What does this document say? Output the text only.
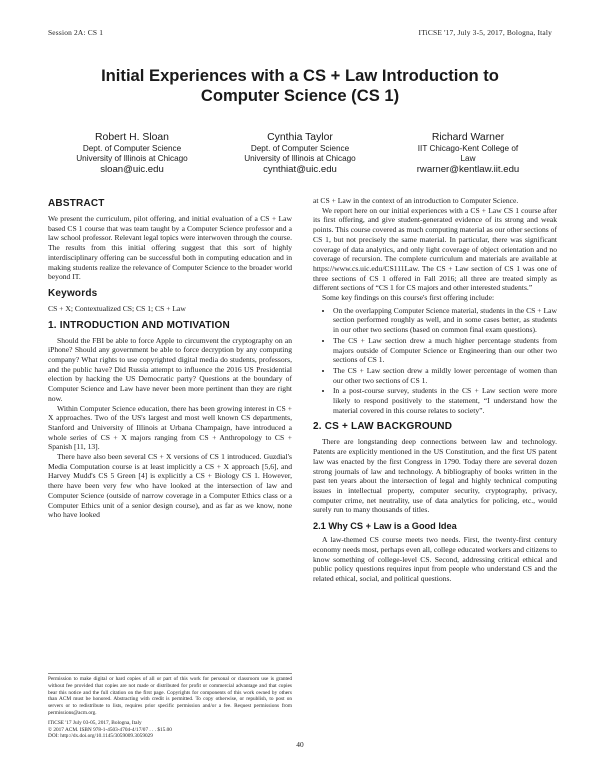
Session 2A: CS 1	ITiCSE '17, July 3-5, 2017, Bologna, Italy
Initial Experiences with a CS + Law Introduction to Computer Science (CS 1)
Robert H. Sloan
Dept. of Computer Science
University of Illinois at Chicago
sloan@uic.edu
Cynthia Taylor
Dept. of Computer Science
University of Illinois at Chicago
cynthiat@uic.edu
Richard Warner
IIT Chicago-Kent College of
Law
rwarner@kentlaw.iit.edu
ABSTRACT

We present the curriculum, pilot offering, and initial evaluation of a CS + Law based CS 1 course that was team taught by a Computer Science professor and a law school professor. Relevant legal topics were interwoven through the course. The results from this initial offering suggest that this sort of highly interdisciplinary offering can be successful both in computing education and in making students realize the relevance of Computer Science to the broader world beyond IT.

Keywords

CS + X; Contextualized CS; CS 1; CS + Law

1. INTRODUCTION AND MOTIVATION

Should the FBI be able to force Apple to circumvent the cryptography on an iPhone? Should any government be able to force decryption by any computing company? What rights to use copyrighted digital media do students, professors, and the public have? Did Russia attempt to influence the 2016 US Presidential election by hacking the US Democratic party? Questions at the boundary of Computer Science and Law have never been more pertinent than they are right now.

Within Computer Science education, there has been growing interest in CS + X approaches. Two of the US's largest and most well known CS departments, Stanford and University of Illinois at Urbana Champaign, have introduced a whole series of CS + X majors ranging from CS + Anthropology to CS + Spanish [11, 13].

There have also been several CS + X versions of CS 1 introduced. Guzdial's Media Computation course is at least implicitly a CS + X approach [5,6], and Harvey Mudd's CS 5 Green [4] is explicitly a CS + Biology CS 1. However, there have been very few who have looked at the intersection of law and Computer Science (outside of narrow coverage in a Computer Ethics class or a Computer Ethics unit of a senior design course), and as far as we know, none who have looked

Permission to make digital or hard copies of all or part of this work for personal or classroom use is granted without fee provided that copies are not made or distributed for profit or commercial advantage and that copies bear this notice and the full citation on the first page. Copyrights for components of this work owned by others than ACM must be honored. Abstracting with credit is permitted. To copy otherwise, or republish, to post on servers or to redistribute to lists, requires prior specific permission and/or a fee. Request permissions from permissions@acm.org.
ITiCSE '17 July 03-05, 2017, Bologna, Italy
© 2017 ACM. ISBN 978-1-4503-4704-4/17/07 . . . $15.00
DOI: http://dx.doi.org/10.1145/3059009.3059029

at CS + Law in the context of an introduction to Computer Science.

We report here on our initial experiences with a CS + Law CS 1 course after its first offering, and give student-generated evidence of its strong and weak points. This course covered as much computing material as our other sections of CS 1, but not precisely the same material. In particular, there was significant coverage of data analytics, and only light coverage of object orientation and no coverage of recursion. The complete curriculum and materials are available at https://www.cs.uic.edu/CS111Law. The CS + Law section of CS 1 was one of three sections of CS 1 offered in Fall 2016; all three are treated simply as different sections of “CS 1 for CS majors and other interested students.”

Some key findings on this course's first offering include:

• On the overlapping Computer Science material, students in the CS + Law section performed roughly as well, and in some cases better, as students in our other two sections (based on common final exam questions).
• The CS + Law section drew a much higher percentage students from majors outside of Computer Science or Engineering than our other two sections of CS 1.
• The CS + Law section drew a mildly lower percentage of women than our other two sections of CS 1.
• In a post-course survey, students in the CS + Law section were more likely to respond positively to the statement, “I understand how the material covered in this course relates to society”.
2. CS + LAW BACKGROUND

There are longstanding deep connections between law and technology. Patents are explicitly mentioned in the US Constitution, and the first US patent law was enacted by the first Congress in 1790. Today there are several dozen strong journals of law and technology. A bibliography of books written in the past ten years about the intersection of legal and highly technical computing issues in intellectual property, computer security, cryptography, privacy, computer crime, net neutrality, use of data analytics for policing, etc., would surely run to many thousands of titles.

2.1 Why CS + Law is a Good Idea

A law-themed CS course meets two needs. First, the twenty-first century economy needs most, perhaps even all, college educated workers and citizens to know something of college-level CS. Second, addressing critical ethical and public policy questions requires input from people who understand CS and the related ethical, social, and political questions.

40
